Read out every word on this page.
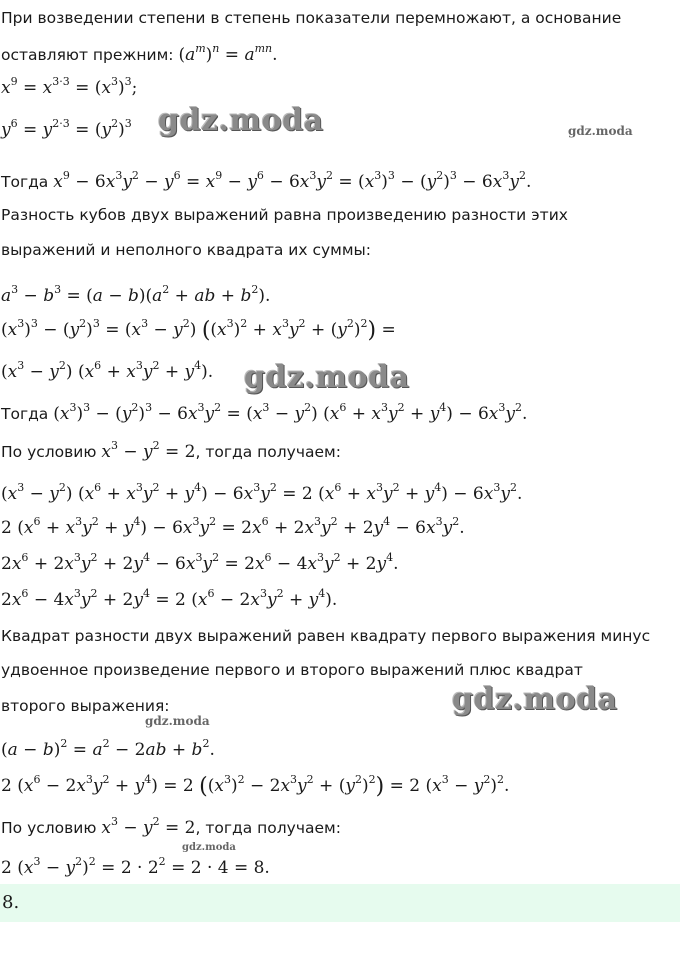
При возведении степени в степень показатели перемножают, а основание
оставляют прежним: $(a^m)^n = a^{mn}$.
$x^9 = x^{3\cdot 3} = (x^3)^3$;
$y^6 = y^{2\cdot 3} = (y^2)^3$
Тогда $x^9 - 6x^3y^2 - y^6 = x^9 - y^6 - 6x^3y^2 = (x^3)^3 - (y^2)^3 - 6x^3y^2$.
Разность кубов двух выражений равна произведению разности этих
выражений и неполного квадрата их суммы:
$a^3 - b^3 = (a - b)(a^2$ + ab + $b^2$).
$(x^3)^3 - (y^2)^3 = (x^3 - y^2) ((x^3)^2 + x^3y^2 + (y^2)^2)$ =
$(x^3 - y^2) (x^6 + x^3y^2 + y^4)$.
Тогда $(x^3)^3 - (y^2)^3 - 6x^3y^2 = (x^3 - y^2) (x^6 + x^3y^2 + y^4) - 6x^3y^2$.
По условию $x^3 - y^2 = 2$, тогда получаем:
$(x^3 - y^2) (x^6 + x^3y^2 + y^4) - 6x^3y^2 = 2$ $(x^6 + x^3y^2 + y^4) - 6x^3y^2$.
2 $(x^6 + x^3y^2 + y^4) - 6x^3y^2 = 2x^6 + 2x^3y^2 + 2y^4 - 6x^3y^2$.
$2x^6 + 2x^3y^2 + 2y^4 - 6x^3y^2 = 2x^6 - 4x^3y^2 + 2y^4$.
$2x^6 - 4x^3y^2 + 2y^4 = 2$ $(x^6 - 2x^3y^2 + y^4)$.
Квадрат разности двух выражений равен квадрату первого выражения минус
удвоенное произведение первого и второго выражений плюс квадрат
второго выражения:
$(a - b)^2 = a^2 - 2ab + b^2$.
2 $(x^6 - 2x^3y^2 + y^4) = 2$ $((x^3)^2 - 2x^3y^2 + (y^2)^2) = 2$ $(x^3 - y^2)^2$.
По условию $x^3 - y^2 = 2$, тогда получаем:
2 $(x^3 - y^2)^2 = 2 \cdot 2^2 = 2 \cdot 4 = 8$.
8.
gdz.moda	gdz.moda
gdz.moda
gdz.moda
gdz.moda
gdz.moda
